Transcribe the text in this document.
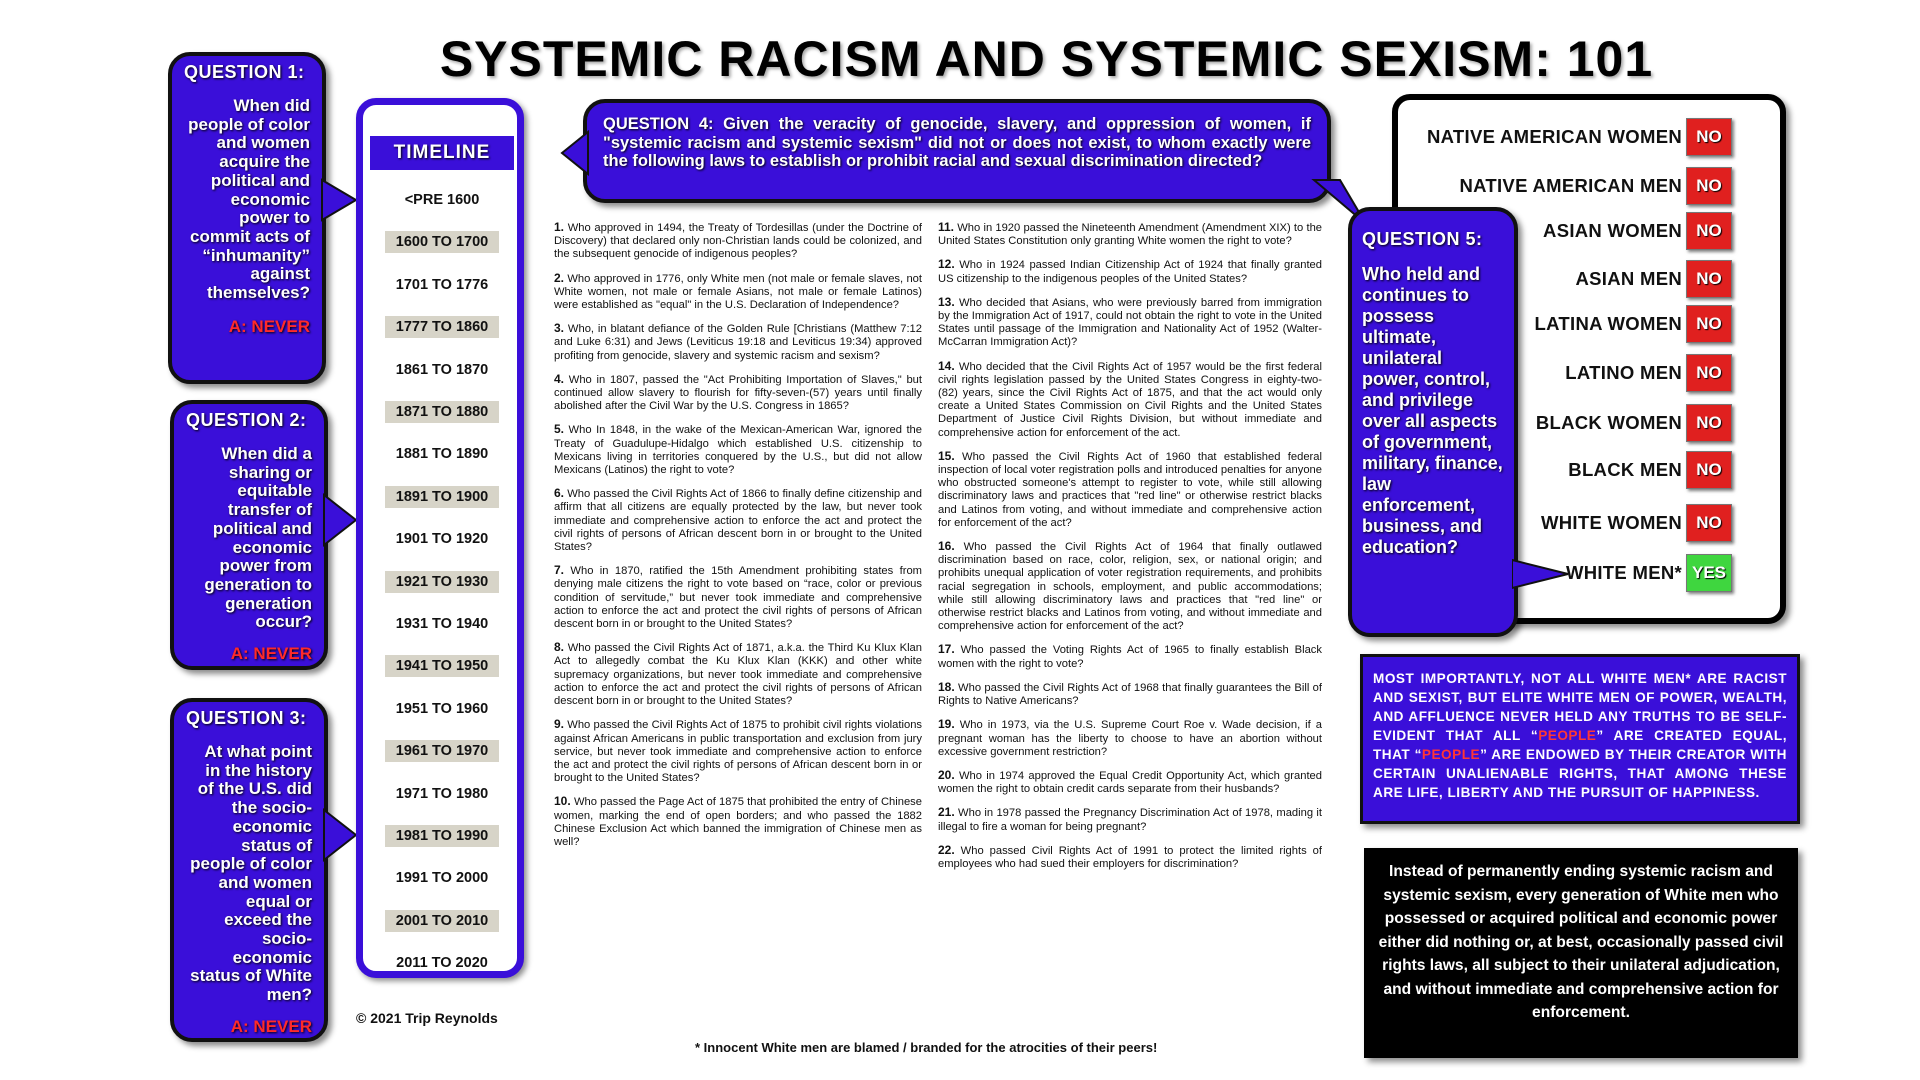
SYSTEMIC RACISM AND SYSTEMIC SEXISM: 101
QUESTION 1:
When did people of color and women acquire the political and economic power to commit acts of “inhumanity” against themselves?
A: NEVER
QUESTION 2:
When did a sharing or equitable transfer of political and economic power from generation to generation occur?
A: NEVER
QUESTION 3:
At what point in the history of the U.S. did the socio-economic status of people of color and women equal or exceed the socio-economic status of White men?
A: NEVER
TIMELINE
<PRE 1600
1600 TO 1700
1701 TO 1776
1777 TO 1860
1861 TO 1870
1871 TO 1880
1881 TO 1890
1891 TO 1900
1901 TO 1920
1921 TO 1930
1931 TO 1940
1941 TO 1950
1951 TO 1960
1961 TO 1970
1971 TO 1980
1981 TO 1990
1991 TO 2000
2001 TO 2010
2011 TO 2020
QUESTION 4: Given the veracity of genocide, slavery, and oppression of women, if "systemic racism and systemic sexism" did not or does not exist, to whom exactly were the following laws to establish or prohibit racial and sexual discrimination directed?

1. Who approved in 1494, the Treaty of Tordesillas (under the Doctrine of Discovery) that declared only non-Christian lands could be colonized, and the subsequent genocide of indigenous peoples?

2. Who approved in 1776, only White men (not male or female slaves, not White women, not male or female Asians, not male or female Latinos) were established as "equal" in the U.S. Declaration of Independence?

3. Who, in blatant defiance of the Golden Rule [Christians (Matthew 7:12 and Luke 6:31) and Jews (Leviticus 19:18 and Leviticus 19:34) approved profiting from genocide, slavery and systemic racism and sexism?

4. Who in 1807, passed the "Act Prohibiting Importation of Slaves," but continued allow slavery to flourish for fifty-seven-(57) years until finally abolished after the Civil War by the U.S. Congress in 1865?

5. Who In 1848, in the wake of the Mexican-American War, ignored the Treaty of Guadulupe-Hidalgo which established U.S. citizenship to Mexicans living in territories conquered by the U.S., but did not allow Mexicans (Latinos) the right to vote?

6. Who passed the Civil Rights Act of 1866 to finally define citizenship and affirm that all citizens are equally protected by the law, but never took immediate and comprehensive action to enforce the act and protect the civil rights of persons of African descent born in or brought to the United States?

7. Who in 1870, ratified the 15th Amendment prohibiting states from denying male citizens the right to vote based on “race, color or previous condition of servitude,” but never took immediate and comprehensive action to enforce the act and protect the civil rights of persons of African descent born in or brought to the United States?

8. Who passed the Civil Rights Act of 1871, a.k.a. the Third Ku Klux Klan Act to allegedly combat the Ku Klux Klan (KKK) and other white supremacy organizations, but never took immediate and comprehensive action to enforce the act and protect the civil rights of persons of African descent born in or brought to the United States?

9. Who passed the Civil Rights Act of 1875 to prohibit civil rights violations against African Americans in public transportation and exclusion from jury service, but never took immediate and comprehensive action to enforce the act and protect the civil rights of persons of African descent born in or brought to the United States?

10. Who passed the Page Act of 1875 that prohibited the entry of Chinese women, marking the end of open borders; and who passed the 1882 Chinese Exclusion Act which banned the immigration of Chinese men as well?

11. Who in 1920 passed the Nineteenth Amendment (Amendment XIX) to the United States Constitution only granting White women the right to vote?

12. Who in 1924 passed Indian Citizenship Act of 1924 that finally granted US citizenship to the indigenous peoples of the United States?

13. Who decided that Asians, who were previously barred from immigration by the Immigration Act of 1917, could not obtain the right to vote in the United States until passage of the Immigration and Nationality Act of 1952 (Walter-McCarran Immigration Act)?

14. Who decided that the Civil Rights Act of 1957 would be the first federal civil rights legislation passed by the United States Congress in eighty-two-(82) years, since the Civil Rights Act of 1875, and that the act would only create a United States Commission on Civil Rights and the United States Department of Justice Civil Rights Division, but without immediate and comprehensive action for enforcement of the act.

15. Who passed the Civil Rights Act of 1960 that established federal inspection of local voter registration polls and introduced penalties for anyone who obstructed someone's attempt to register to vote, while still allowing discriminatory laws and practices that "red line" or otherwise restrict blacks and Latinos from voting, and without immediate and comprehensive action for enforcement of the act?

16. Who passed the Civil Rights Act of 1964 that finally outlawed discrimination based on race, color, religion, sex, or national origin; and prohibits unequal application of voter registration requirements, and prohibits racial segregation in schools, employment, and public accommodations; while still allowing discriminatory laws and practices that "red line" or otherwise restrict blacks and Latinos from voting, and without immediate and comprehensive action for enforcement of the act?

17. Who passed the Voting Rights Act of 1965 to finally establish Black women with the right to vote?

18. Who passed the Civil Rights Act of 1968 that finally guarantees the Bill of Rights to Native Americans?

19. Who in 1973, via the U.S. Supreme Court Roe v. Wade decision, if a pregnant woman has the liberty to choose to have an abortion without excessive government restriction?

20. Who in 1974 approved the Equal Credit Opportunity Act, which granted women the right to obtain credit cards separate from their husbands?

21. Who in 1978 passed the Pregnancy Discrimination Act of 1978, mading it illegal to fire a woman for being pregnant?

22. Who passed Civil Rights Act of 1991 to protect the limited rights of employees who had sued their employers for discrimination?

NATIVE AMERICAN WOMEN NO
NATIVE AMERICAN MEN NO
ASIAN WOMEN NO
ASIAN MEN NO
LATINA WOMEN NO
LATINO MEN NO
BLACK WOMEN NO
BLACK MEN NO
WHITE WOMEN NO
WHITE MEN* YES
QUESTION 5:
Who held and continues to possess ultimate, unilateral power, control, and privilege over all aspects of government, military, finance, law enforcement, business, and education?
MOST IMPORTANTLY, NOT ALL WHITE MEN* ARE RACIST AND SEXIST, BUT ELITE WHITE MEN OF POWER, WEALTH, AND AFFLUENCE NEVER HELD ANY TRUTHS TO BE SELF-EVIDENT THAT ALL “PEOPLE” ARE CREATED EQUAL, THAT “PEOPLE” ARE ENDOWED BY THEIR CREATOR WITH CERTAIN UNALIENABLE RIGHTS, THAT AMONG THESE ARE LIFE, LIBERTY AND THE PURSUIT OF HAPPINESS.
Instead of permanently ending systemic racism and systemic sexism, every generation of White men who possessed or acquired political and economic power either did nothing or, at best, occasionally passed civil rights laws, all subject to their unilateral adjudication, and without immediate and comprehensive action for enforcement.
© 2021 Trip Reynolds
* Innocent White men are blamed / branded for the atrocities of their peers!
